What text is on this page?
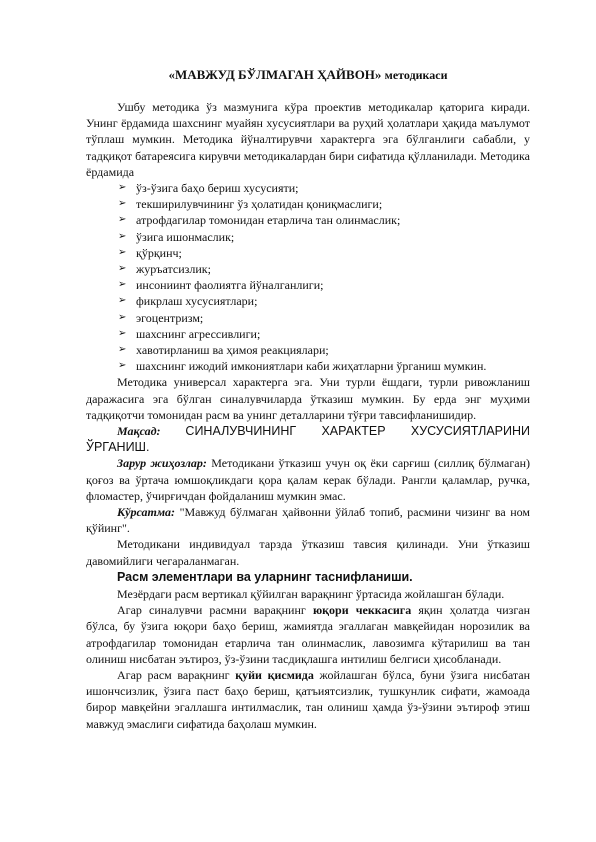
«МАВЖУД БЎЛМАГАН ҲАЙВОН» методикаси

Ушбу методика ўз мазмунига кўра проектив методикалар қаторига киради. Унинг ёрдамида шахснинг муайян хусусиятлари ва руҳий ҳолатлари ҳақида маълумот тўплаш мумкин. Методика йўналтирувчи характерга эга бўлганлиги сабабли, у тадқиқот батареясига кирувчи методикалардан бири сифатида қўлланилади. Методика ёрдамида

➢ ўз-ўзига баҳо бериш хусусияти;
➢ текширилувчининг ўз ҳолатидан қониқмаслиги;
➢ атрофдагилар томонидан етарлича тан олинмаслик;
➢ ўзига ишонмаслик;
➢ қўрқинч;
➢ журъатсизлик;
➢ инсониинт фаолиятга йўналганлиги;
➢ фикрлаш хусусиятлари;
➢ эгоцентризм;
➢ шахснинг агрессивлиги;
➢ хавотирланиш ва ҳимоя реакциялари;
➢ шахснинг ижодий имкониятлари каби жиҳатларни ўрганиш мумкин.

Методика универсал характерга эга. Уни турли ёшдаги, турли ривожланиш даражасига эга бўлган синалувчиларда ўтказиш мумкин. Бу ерда энг муҳими тадқиқотчи томонидан расм ва унинг деталларини тўғри тавсифланишидир.

Мақсад: СИНАЛУВЧИНИНГ ХАРАКТЕР ХУСУСИЯТЛАРИНИ

ЎРГАНИШ.

Зарур жиҳозлар: Методикани ўтказиш учун оқ ёки сарғиш (силлиқ бўлмаган) қоғоз ва ўртача юмшоқликдаги қора қалам керак бўлади. Рангли қаламлар, ручка, фломастер, ўчирғичдан фойдаланиш мумкин эмас.

Кўрсатма: "Мавжуд бўлмаган ҳайвонни ўйлаб топиб, расмини чизинг ва ном қўйинг".

Методикани индивидуал тарзда ўтказиш тавсия қилинади. Уни ўтказиш давомийлиги чегараланмаган.

Расм элементлари ва уларнинг таснифланиши.

Мезёрдаги расм вертикал қўйилган варақнинг ўртасида жойлашган бўлади.

Агар синалувчи расмни варақнинг юқори чеккасига яқин ҳолатда чизган бўлса, бу ўзига юқори баҳо бериш, жамиятда эгаллаган мавқейидан норозилик ва атрофдагилар томонидан етарлича тан олинмаслик, лавозимга кўтарилиш ва тан олиниш нисбатан эътироз, ўз-ўзини тасдиқлашга интилиш белгиси ҳисобланади.

Агар расм варақнинг қуйи қисмида жойлашган бўлса, буни ўзига нисбатан ишончсизлик, ўзига паст баҳо бериш, қатъиятсизлик, тушкунлик сифати, жамоада бирор мавқейни эгаллашга интилмаслик, тан олиниш ҳамда ўз-ўзини эътироф этиш мавжуд эмаслиги сифатида баҳолаш мумкин.
